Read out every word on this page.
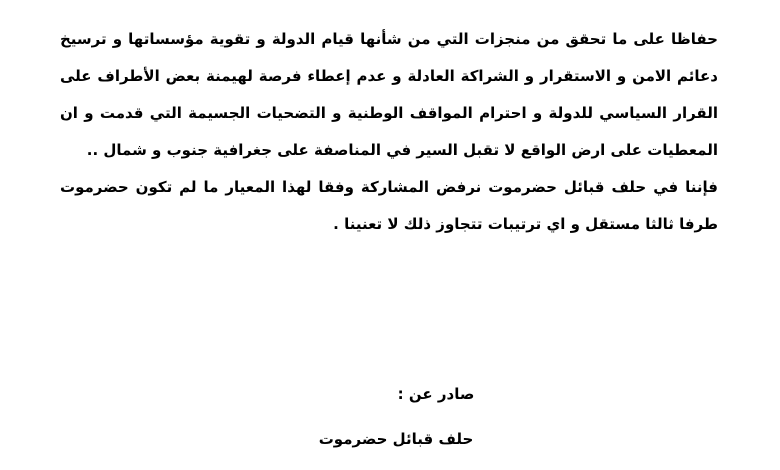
حفاظا على ما تحقق من منجزات التي من شأنها قيام الدولة و تقوية مؤسساتها و ترسيخ
دعائم الامن و الاستقرار و الشراكة العادلة و عدم إعطاء فرصة لهيمنة بعض الأطراف على
القرار السياسي للدولة و احترام المواقف الوطنية و التضحيات الجسيمة التي قدمت و ان
المعطيات على ارض الواقع لا تقبل السير في المناصفة على جغرافية جنوب و شمال ..
فإننا في حلف قبائل حضرموت نرفض المشاركة وفقا لهذا المعيار ما لم تكون حضرموت
طرفا ثالثا مستقل و اي ترتيبات تتجاوز ذلك لا تعنينا .
صادر عن :
حلف قبائل حضرموت
